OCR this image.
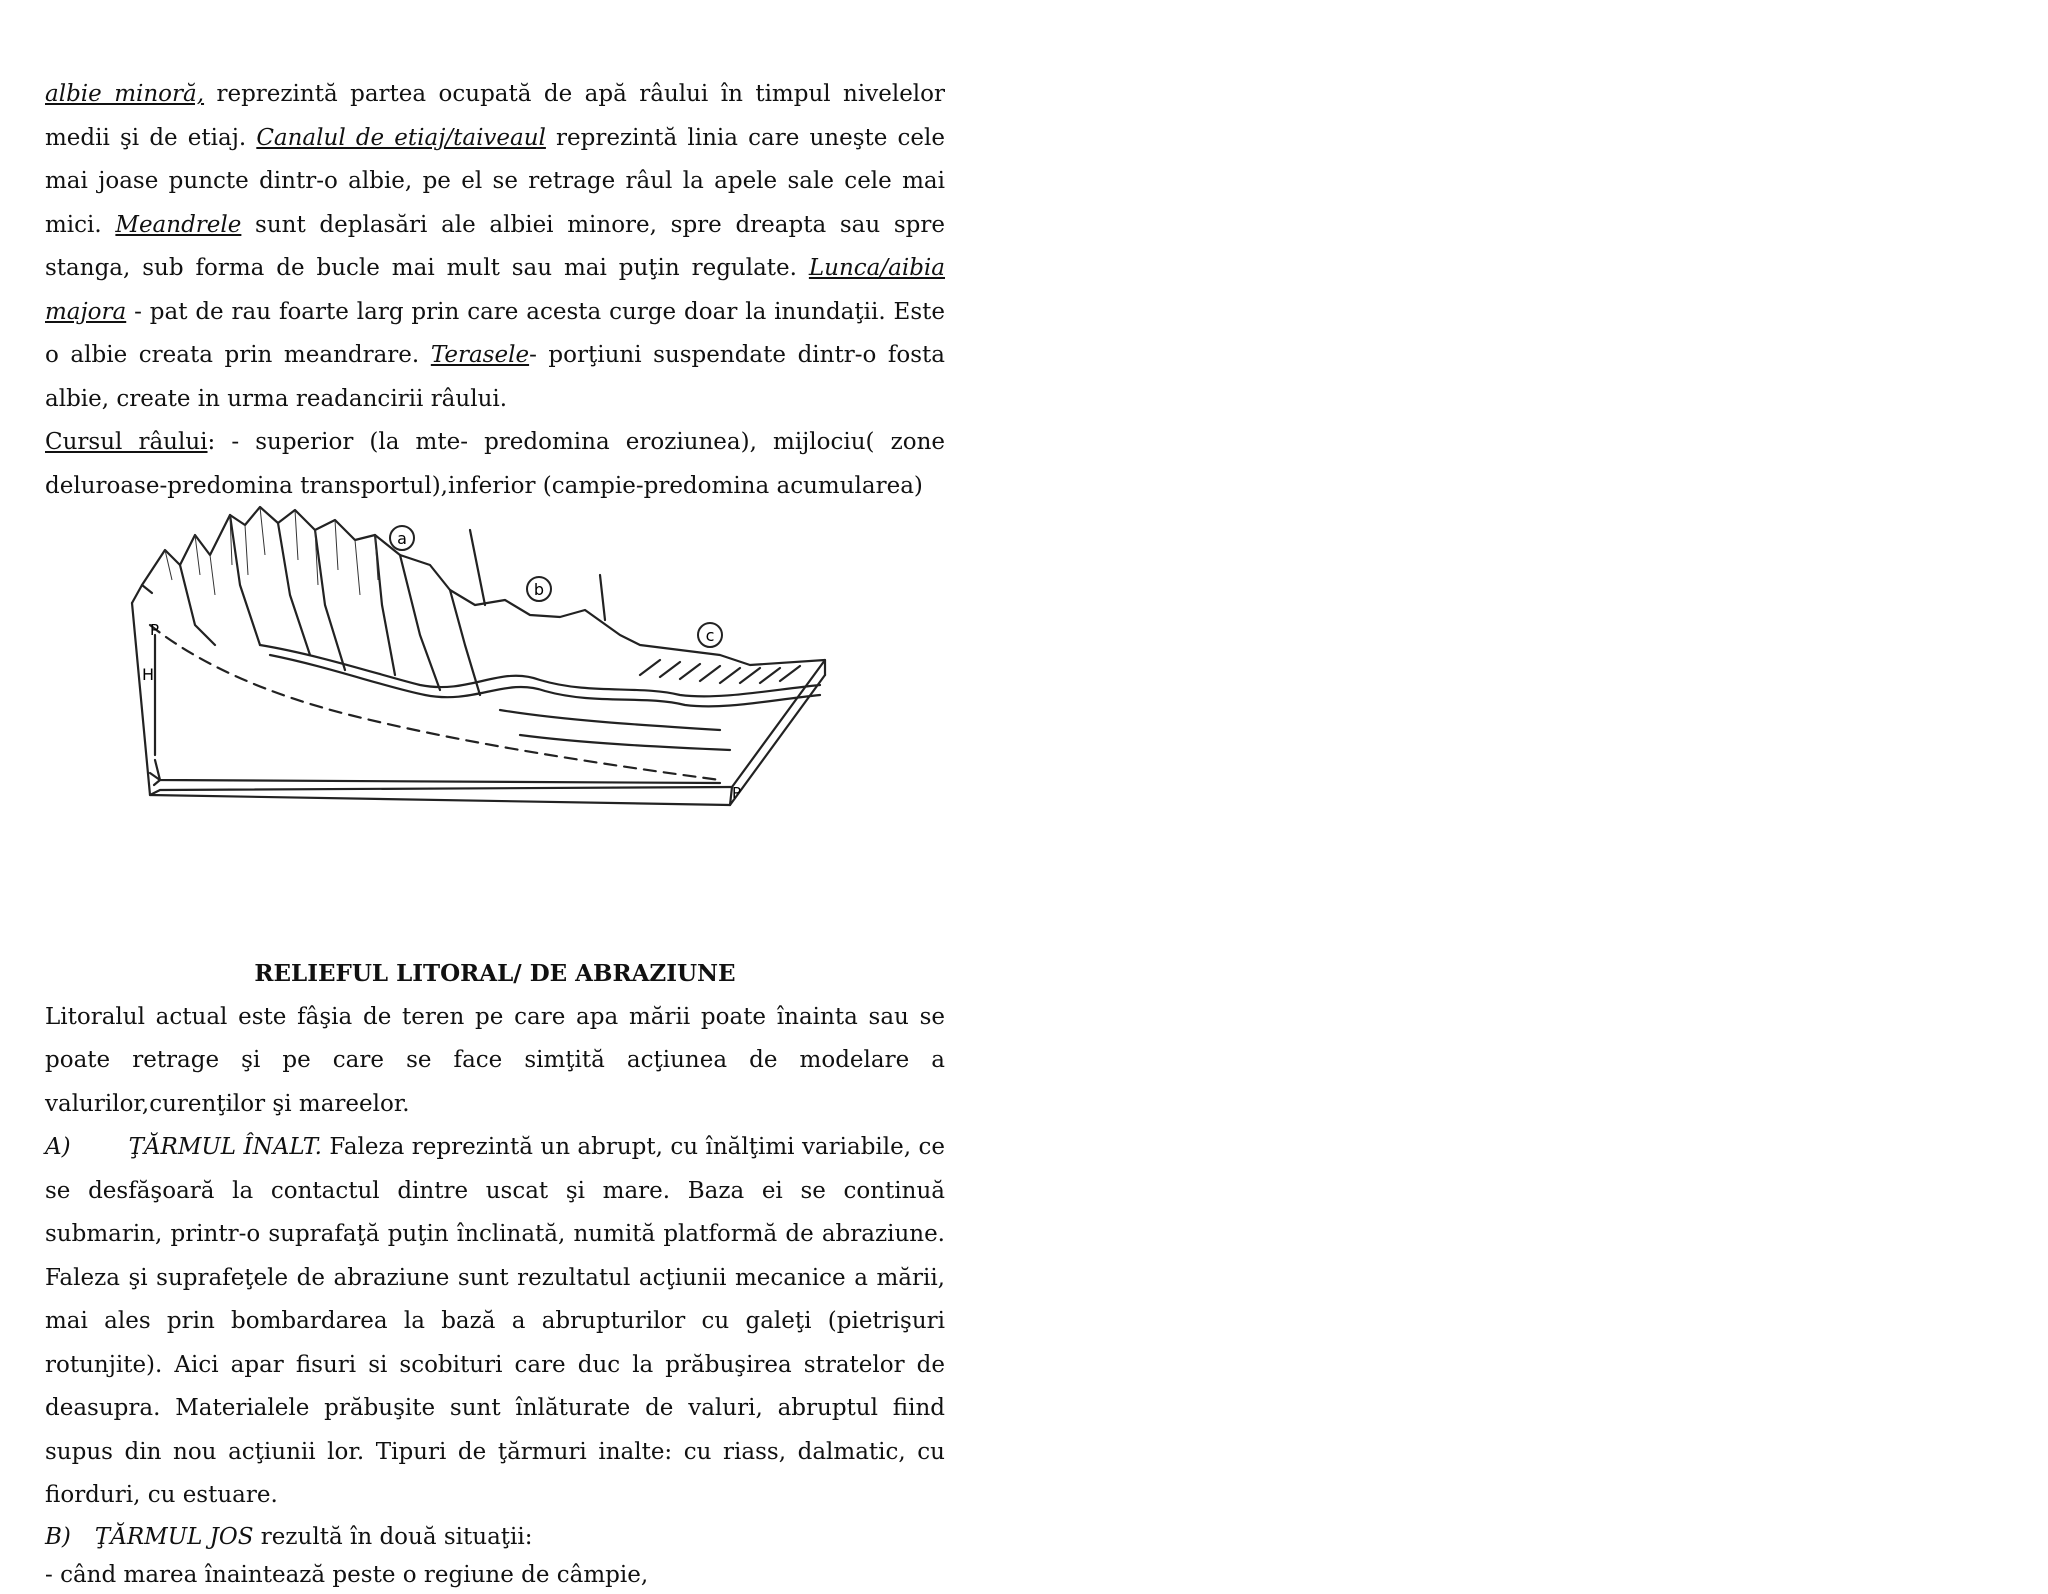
albie minoră, reprezintă partea ocupată de apă râului în timpul nivelelor medii şi de etiaj. Canalul de etiaj/taiveaul reprezintă linia care uneşte cele mai joase puncte dintr-o albie, pe el se retrage râul la apele sale cele mai mici. Meandrele sunt deplasări ale albiei minore, spre dreapta sau spre stanga, sub forma de bucle mai mult sau mai puţin regulate. Lunca/aibia majora - pat de rau foarte larg prin care acesta curge doar la inundaţii. Este o albie creata prin meandrare. Terasele- porţiuni suspendate dintr-o fosta albie, create in urma readancirii râului.

Cursul râului: - superior (la mte- predomina eroziunea), mijlociu( zone deluroase-predomina transportul),inferior (campie-predomina acumularea)

a
b
c
H
P
P

RELIEFUL LITORAL/ DE ABRAZIUNE

Litoralul actual este fâşia de teren pe care apa mării poate înainta sau se poate retrage şi pe care se face simţită acţiunea de modelare a valurilor,curenţilor şi mareelor.

A)	ŢĂRMUL ÎNALT. Faleza reprezintă un abrupt, cu înălţimi variabile, ce se desfăşoară la contactul dintre uscat şi mare. Baza ei se continuă submarin, printr-o suprafaţă puţin înclinată, numită platformă de abraziune. Faleza şi suprafeţele de abraziune sunt rezultatul acţiunii mecanice a mării, mai ales prin bombardarea la bază a abrupturilor cu galeţi (pietrişuri rotunjite). Aici apar fisuri si scobituri care duc la prăbuşirea stratelor de deasupra. Materialele prăbuşite sunt înlăturate de valuri, abruptul fiind supus din nou acţiunii lor. Tipuri de ţărmuri inalte: cu riass, dalmatic, cu fiorduri, cu estuare.

B) ŢĂRMUL JOS rezultă în două situaţii:

- când marea înaintează peste o regiune de câmpie,
